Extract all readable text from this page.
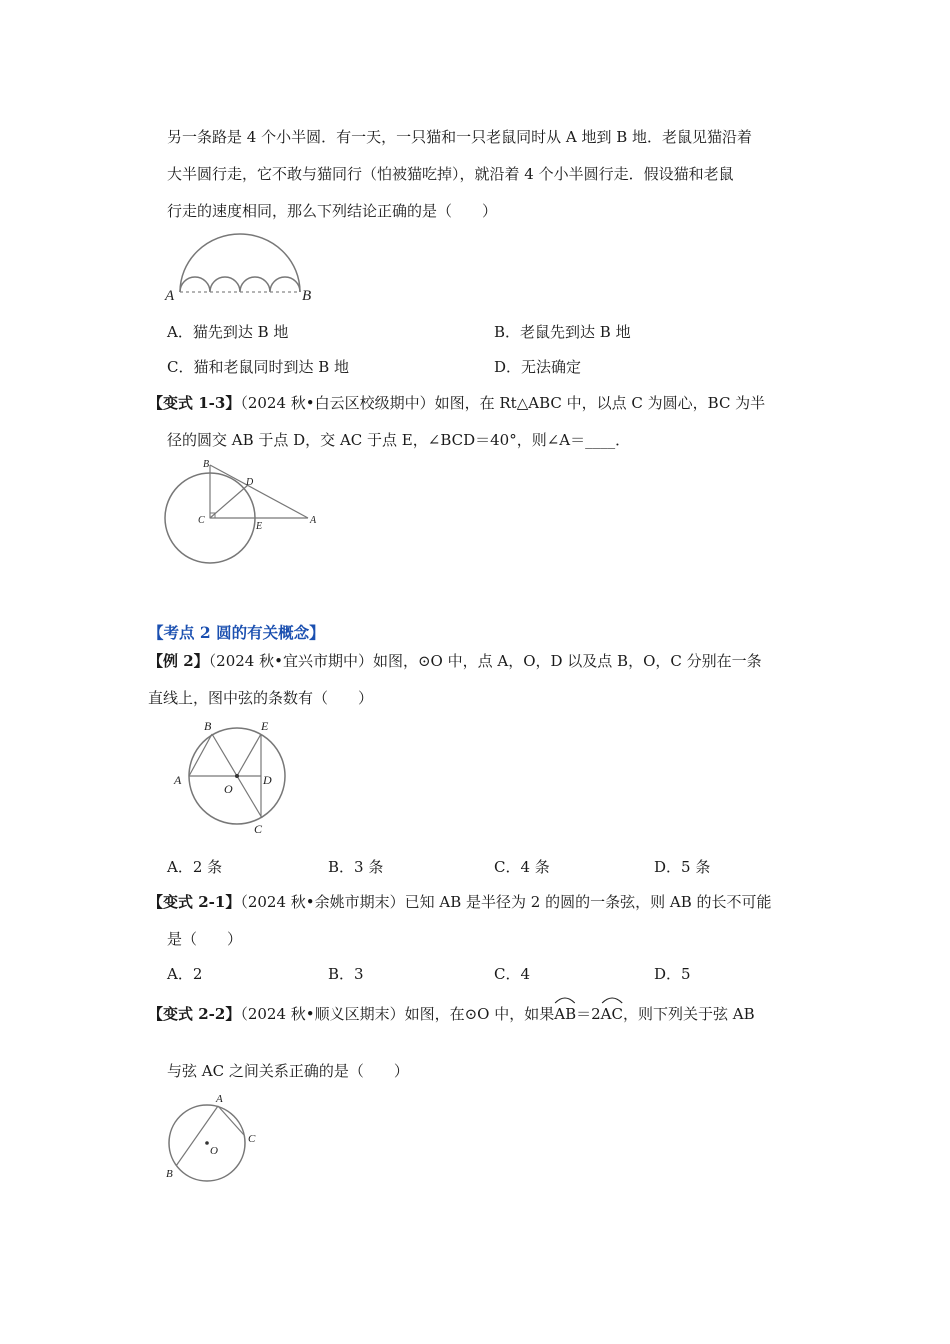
另一条路是 4 个小半圆．有一天，一只猫和一只老鼠同时从 A 地到 B 地．老鼠见猫沿着
大半圆行走，它不敢与猫同行（怕被猫吃掉），就沿着 4 个小半圆行走．假设猫和老鼠
行走的速度相同，那么下列结论正确的是（　　）
A	B
A．猫先到达 B 地	B．老鼠先到达 B 地
C．猫和老鼠同时到达 B 地	D．无法确定
【变式 1-3】（2024 秋•白云区校级期中）如图，在 Rt△ABC 中，以点 C 为圆心，BC 为半
径的圆交 AB 于点 D，交 AC 于点 E，∠BCD＝40°，则∠A＝____．
B
D
C
E
A
【考点 2 圆的有关概念】
【例 2】（2024 秋•宜兴市期中）如图，⊙O 中，点 A，O，D 以及点 B，O，C 分别在一条
直线上，图中弦的条数有（　　）
B	E
A
O
D
C
A．2 条	B．3 条	C．4 条	D．5 条
【变式 2-1】（2024 秋•余姚市期末）已知 AB 是半径为 2 的圆的一条弦，则 AB 的长不可能
是（　　）
A．2	B．3	C．4	D．5
【变式 2-2】（2024 秋•顺义区期末）如图，在⊙O 中，如果
AB＝2
AC，则下列关于弦 AB
与弦 AC 之间关系正确的是（　　）
A
C
O
B
